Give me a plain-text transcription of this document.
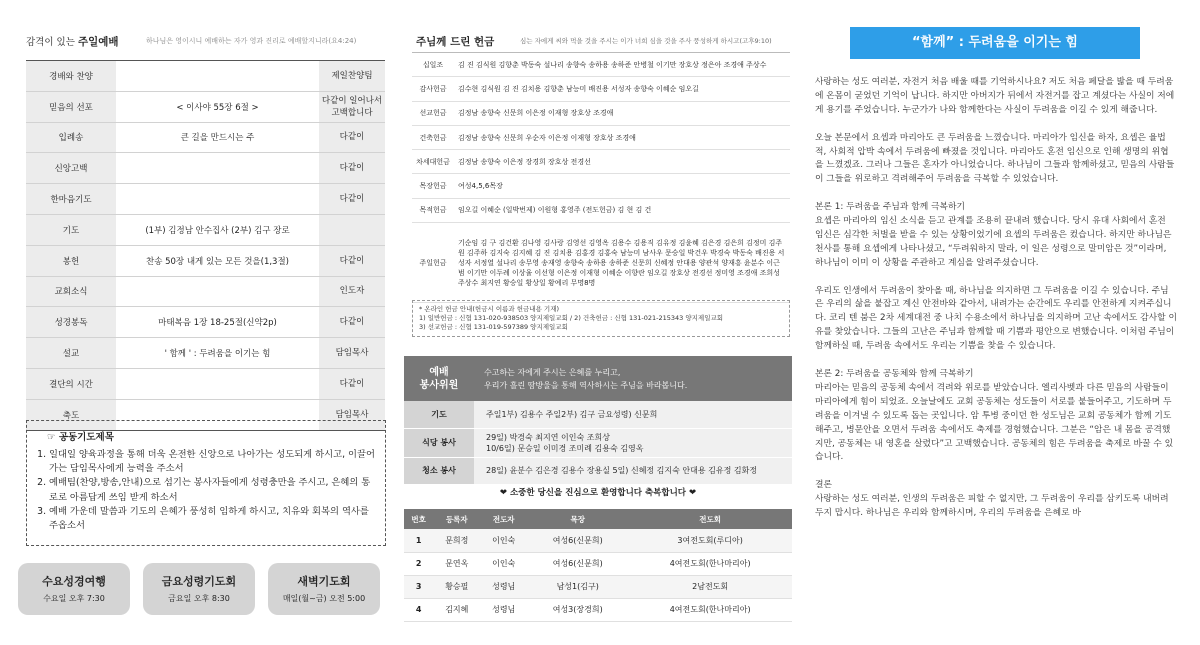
감격이 있는 주일예배	하나님은 영이시니 예배하는 자가 영과 진리로 예배할지니라(요4:24)
경배와 찬양		제일찬양팀
믿음의 선포	< 이사야 55장 6절 >	다같이 일어나서 고백합니다
입례송	큰 길을 만드시는 주	다같이
신앙고백		다같이
한마음기도		다같이
기도	(1부) 김정남 안수집사 (2부) 김구 장로	
봉헌	찬송 50장 내게 있는 모든 것을(1,3절)	다같이
교회소식		인도자
성경봉독	마태복음 1장 18-25절(신약2p)	다같이
설교	' 함께 ' : 두려움을 이기는 힘	담임목사
결단의 시간		다같이
축도		담임목사
☞ 공동기도제목
1. 일대일 양육과정을 통해 더욱 온전한 신앙으로 나아가는 성도되게 하시고, 이끌어가는 담임목사에게 능력을 주소서
2. 예배팀(찬양,방송,안내)으로 섬기는 봉사자들에게 성령충만을 주시고, 은혜의 통로로 아름답게 쓰임 받게 하소서
3. 예배 가운데 말씀과 기도의 은혜가 풍성히 임하게 하시고, 치유와 회복의 역사를 주옵소서
수요성경여행
수요일 오후 7:30
금요성령기도회
금요일 오후 8:30
새벽기도회
매일(월~금) 오전 5:00
주님께 드린 헌금	심는 자에게 씨와 먹을 것을 주시는 이가 너희 심을 것을 주사 풍성하게 하시고(고후9:10)
십일조	김 진 김식원 김향춘 박동숙 설나리 송향숙 송하용 송하준 안병철 이기만 장호상 정은아 조경애 주상수
감사헌금	김수현 김식원 김 진 김치용 김향춘 남능미 배진용 서성자 송향숙 이혜순 임오길
선교헌금	김정남 송향숙 신문희 이은정 이재형 장호상 조경애
건축헌금	김정남 송향숙 신문희 우순자 이은정 이재형 장호상 조경애
차세대헌금	김정남 송향숙 이은정 장경희 장호상 전경선
목장헌금	여성4,5,6목장
목적헌금	임오길 이혜순 (일박번제) 이원형 홍영주 (전도헌금) 김 현 김 건
주일헌금	기순임 김 구 김건환 김나영 김사랑 김영선 김영옥 김용수 김용직 김유정 김윤혜 김은경 김은희 김정미 김주원 김주하 김지숙 김지혜 김 진 김치용 김홍경 김홍숙 남능미 남사우 문승일 박건우 박경숙 박동숙 배진용 서성자 서정열 설나리 송무영 송재영 송향숙 송하용 송하준 신문희 신혜정 안대용 양관석 양재흥 윤분수 이근범 이기만 이두례 이상율 이선형 이은정 이재형 이혜순 이향란 임오길 장호상 전경선 정미영 조경애 조희성 주상수 최지연 황승일 황상일 황예리 무명8명
* 온라인 헌금 안내(헌금시 이름과 헌금내용 기재)
1) 일반헌금 : 신협 131-020-938503 양지제일교회 / 2) 건축헌금 : 신협 131-021-215343 양지제일교회
3) 선교헌금 : 신협 131-019-597389 양지제일교회
예배
봉사위원
수고하는 자에게 주시는 은혜를 누리고,
우리가 흘린 땀방울을 통해 역사하시는 주님을 바라봅니다.
기도	주일1부) 김용수 주일2부) 김구 금요성령) 신문희

식당 봉사	29일) 박경숙 최지연 이인숙 조희상
10/6일) 문승일 이미경 조미례 김용숙 김영옥

청소 봉사	28일) 윤분수 김은경 김용수 장용실 5일) 신혜정 김지숙 안대용 김유정 김화정
❤ 소중한 당신을 진심으로 환영합니다 축복합니다 ❤
번호	등록자	전도자	목장	전도회
1	문희정	이인숙	여성6(신문희)	3여전도회(루디아)
2	문연옥	이인숙	여성6(신문희)	4여전도회(한나마리아)
3	황승필	성령님	남성1(김구)	2남전도회
4	김지혜	성령님	여성3(장경희)	4여전도회(한나마리아)
“함께” : 두려움을 이기는 힘

사랑하는 성도 여러분, 자전거 처음 배울 때를 기억하시나요? 저도 처음 페달을 밟을 때 두려움에 온몸이 굳었던 기억이 납니다. 하지만 아버지가 뒤에서 자전거를 잡고 계셨다는 사실이 저에게 용기를 주었습니다. 누군가가 나와 함께한다는 사실이 두려움을 이길 수 있게 해줍니다.

오늘 본문에서 요셉과 마리아도 큰 두려움을 느꼈습니다. 마리아가 임신을 하자, 요셉은 율법적, 사회적 압박 속에서 두려움에 빠졌을 것입니다. 마리아도 혼전 임신으로 인해 생명의 위협을 느꼈겠죠. 그러나 그들은 혼자가 아니었습니다. 하나님이 그들과 함께하셨고, 믿음의 사람들이 그들을 위로하고 격려해주어 두려움을 극복할 수 있었습니다.

본론 1: 두려움을 주님과 함께 극복하기
요셉은 마리아의 임신 소식을 듣고 관계를 조용히 끝내려 했습니다. 당시 유대 사회에서 혼전 임신은 심각한 처벌을 받을 수 있는 상황이었기에 요셉의 두려움은 컸습니다. 하지만 하나님은 천사를 통해 요셉에게 나타나셨고, “두려워하지 말라, 이 일은 성령으로 말미암은 것”이라며, 하나님이 이미 이 상황을 주관하고 계심을 알려주셨습니다.

우리도 인생에서 두려움이 찾아올 때, 하나님을 의지하면 그 두려움을 이길 수 있습니다. 주님은 우리의 삶을 붙잡고 계신 안전바와 같아서, 내려가는 순간에도 우리를 안전하게 지켜주십니다. 코리 텐 붐은 2차 세계대전 중 나치 수용소에서 하나님을 의지하며 고난 속에서도 감사할 이유를 찾았습니다. 그들의 고난은 주님과 함께할 때 기쁨과 평안으로 변했습니다. 이처럼 주님이 함께하실 때, 두려움 속에서도 우리는 기쁨을 찾을 수 있습니다.

본론 2: 두려움을 공동체와 함께 극복하기
마리아는 믿음의 공동체 속에서 격려와 위로를 받았습니다. 엘리사벳과 다른 믿음의 사람들이 마리아에게 힘이 되었죠. 오늘날에도 교회 공동체는 성도들이 서로를 붙들어주고, 기도하며 두려움을 이겨낼 수 있도록 돕는 곳입니다. 암 투병 중이던 한 성도님은 교회 공동체가 함께 기도해주고, 병문안을 오면서 두려움 속에서도 축제를 경험했습니다. 그분은 “암은 내 몸을 공격했지만, 공동체는 내 영혼을 살렸다”고 고백했습니다. 공동체의 힘은 두려움을 축제로 바꿀 수 있습니다.

결론
사랑하는 성도 여러분, 인생의 두려움은 피할 수 없지만, 그 두려움이 우리를 삼키도록 내버려두지 맙시다. 하나님은 우리와 함께하시며, 우리의 두려움을 은혜로 바
